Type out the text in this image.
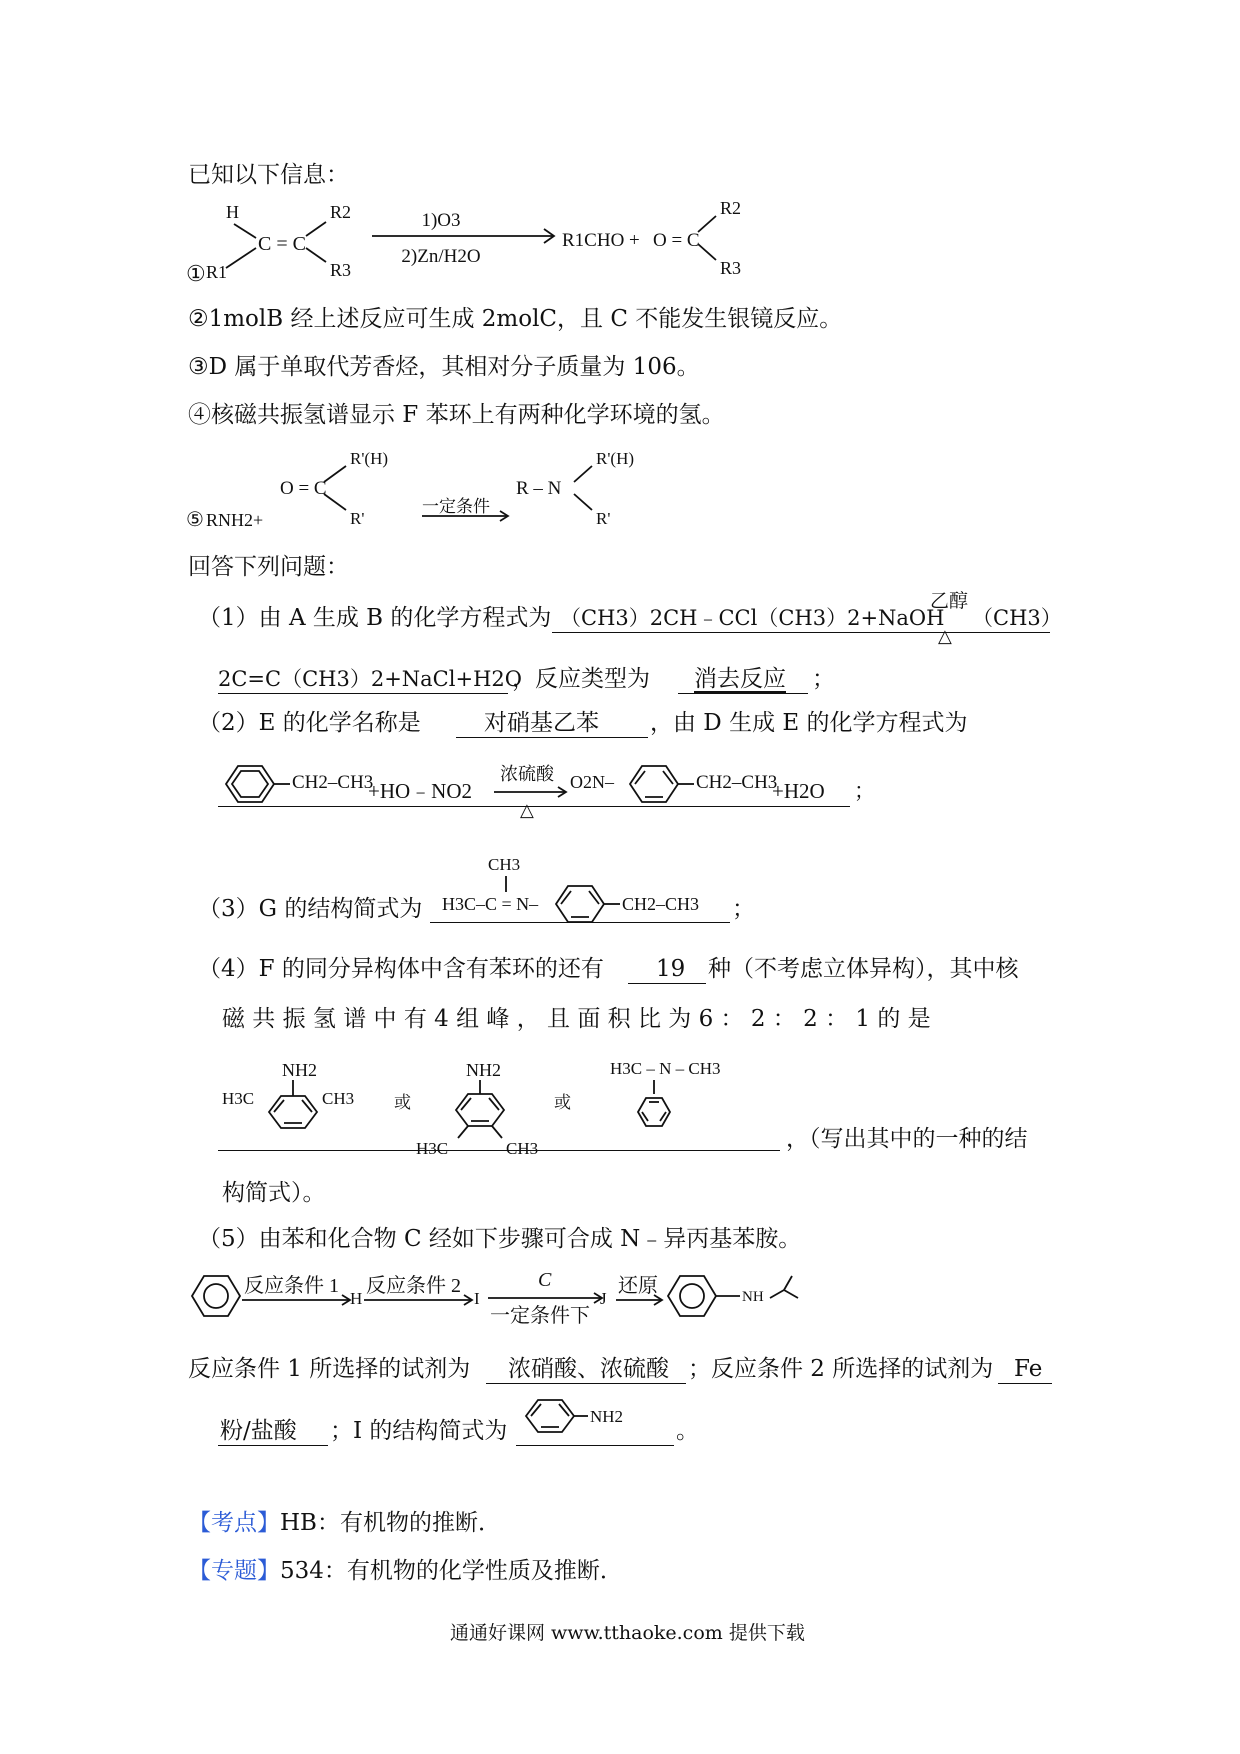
已知以下信息：
① R1
H
C = C
R2
R3
1)O3
2)Zn/H2O
R1CHO + O = C
R2
R3
②1molB 经上述反应可生成 2molC，且 C 不能发生银镜反应。
③D 属于单取代芳香烃，其相对分子质量为 106。
④核磁共振氢谱显示 F 苯环上有两种化学环境的氢。
⑤ RNH2+
O = C
R'(H)
R'
一定条件
R – N
R'(H)
R'
回答下列问题：
（1）由 A 生成 B 的化学方程式为 （CH3）2CH﹣CCl（CH3）2+NaOH
乙醇
△
（CH3）
2C=C（CH3）2+NaCl+H2O
，反应类型为 消去反应 ；
（2）E 的化学名称是	对硝基乙苯 ，由 D 生成 E 的化学方程式为
CH2–CH3
+HO﹣NO2
浓硫酸
△
O2N–	CH2–CH3
+H2O ；
（3）G 的结构简式为
CH3
H3C–C = N–	CH2–CH3 ；
（4）F 的同分异构体中含有苯环的还有 19 种（不考虑立体异构），其中核
磁 共 振 氢 谱 中 有 4 组 峰 ， 且 面 积 比 为 6 ： 2 ： 2 ： 1 的 是
NH2
H3C	CH3 或
NH2
H3C	CH3
或
H3C – N – CH3
，（写出其中的一种的结
构简式）。
（5）由苯和化合物 C 经如下步骤可合成 N﹣异丙基苯胺。
反应条件 1
H
反应条件 2
I
C
一定条件下
J
还原	NH
反应条件 1 所选择的试剂为 浓硝酸、浓硫酸 ；反应条件 2 所选择的试剂为 Fe
粉/盐酸 ；I 的结构简式为
NH2
。
【考点】HB：有机物的推断．
【专题】534：有机物的化学性质及推断．
通通好课网 www.tthaoke.com 提供下载
